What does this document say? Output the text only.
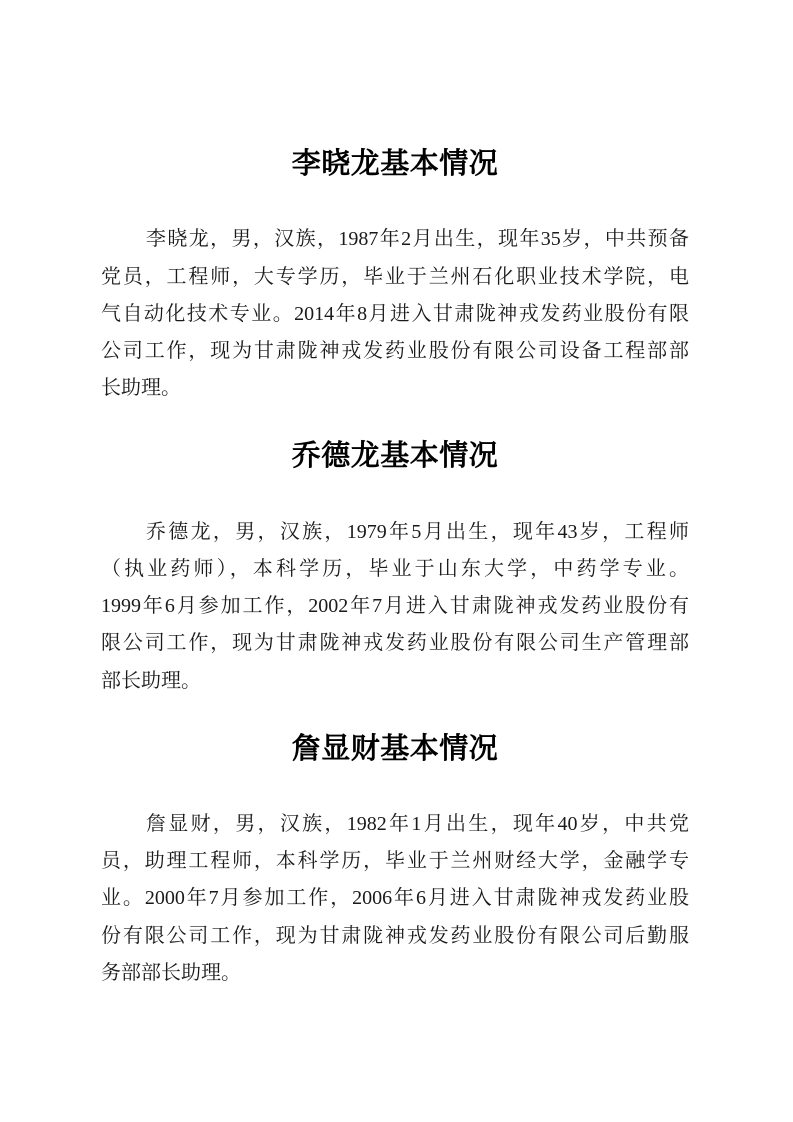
李晓龙基本情况
李晓龙，男，汉族，1987年2月出生，现年35岁，中共预备
党员，工程师，大专学历，毕业于兰州石化职业技术学院，电
气自动化技术专业。2014年8月进入甘肃陇神戎发药业股份有限
公司工作，现为甘肃陇神戎发药业股份有限公司设备工程部部
长助理。
乔德龙基本情况
乔德龙，男，汉族，1979年5月出生，现年43岁，工程师
（执业药师），本科学历，毕业于山东大学，中药学专业。
1999年6月参加工作，2002年7月进入甘肃陇神戎发药业股份有
限公司工作，现为甘肃陇神戎发药业股份有限公司生产管理部
部长助理。
詹显财基本情况
詹显财，男，汉族，1982年1月出生，现年40岁，中共党
员，助理工程师，本科学历，毕业于兰州财经大学，金融学专
业。2000年7月参加工作，2006年6月进入甘肃陇神戎发药业股
份有限公司工作，现为甘肃陇神戎发药业股份有限公司后勤服
务部部长助理。
